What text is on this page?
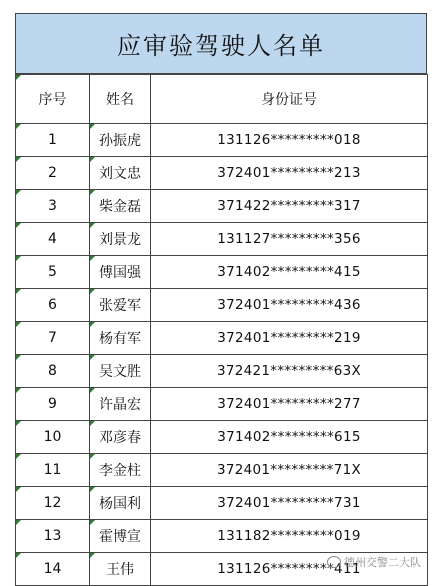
应审验驾驶人名单
序号	姓名	身份证号
1	孙振虎	131126*********018
2	刘文忠	372401*********213
3	柴金磊	371422*********317
4	刘景龙	131127*********356
5	傅国强	371402*********415
6	张爱军	372401*********436
7	杨有军	372401*********219
8	吴文胜	372421*********63X
9	许晶宏	372401*********277
10	邓彦春	371402*********615
11	李金柱	372401*********71X
12	杨国利	372401*********731
13	霍博宣	131182*********019
14	王伟	131126*********411
德州交警二大队
